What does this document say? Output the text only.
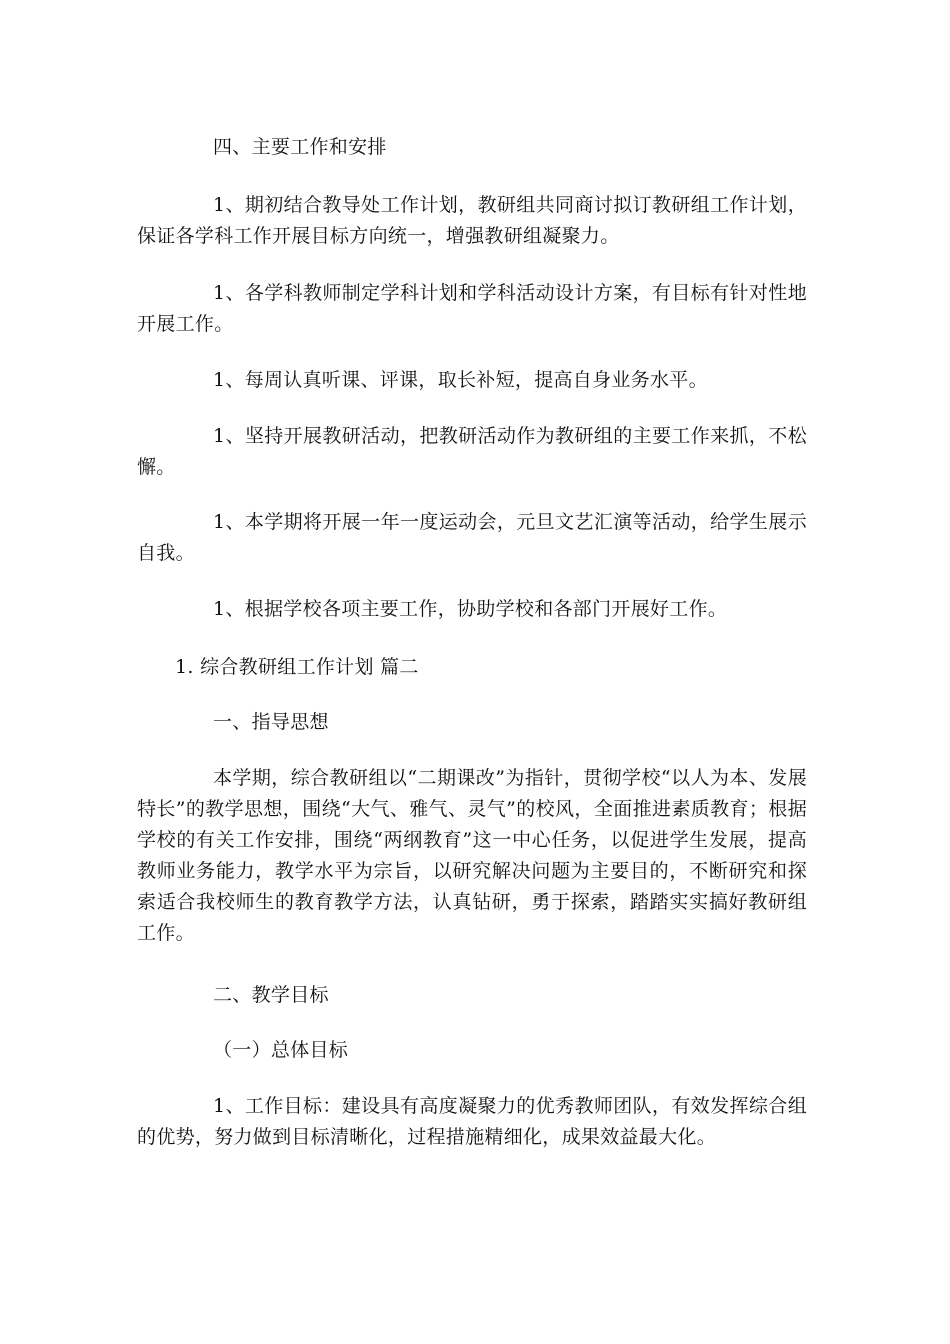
四、主要工作和安排

1、期初结合教导处工作计划，教研组共同商讨拟订教研组工作计划，保证各学科工作开展目标方向统一，增强教研组凝聚力。

1、各学科教师制定学科计划和学科活动设计方案，有目标有针对性地开展工作。

1、每周认真听课、评课，取长补短，提高自身业务水平。

1、坚持开展教研活动，把教研活动作为教研组的主要工作来抓，不松懈。

1、本学期将开展一年一度运动会，元旦文艺汇演等活动，给学生展示自我。

1、根据学校各项主要工作，协助学校和各部门开展好工作。

1. 综合教研组工作计划 篇二

一、指导思想

本学期，综合教研组以“二期课改”为指针，贯彻学校“以人为本、发展特长”的教学思想，围绕“大气、雅气、灵气”的校风，全面推进素质教育；根据学校的有关工作安排，围绕“两纲教育”这一中心任务，以促进学生发展，提高教师业务能力，教学水平为宗旨，以研究解决问题为主要目的，不断研究和探索适合我校师生的教育教学方法，认真钻研，勇于探索，踏踏实实搞好教研组工作。

二、教学目标

（一）总体目标

1、工作目标：建设具有高度凝聚力的优秀教师团队，有效发挥综合组的优势，努力做到目标清晰化，过程措施精细化，成果效益最大化。
